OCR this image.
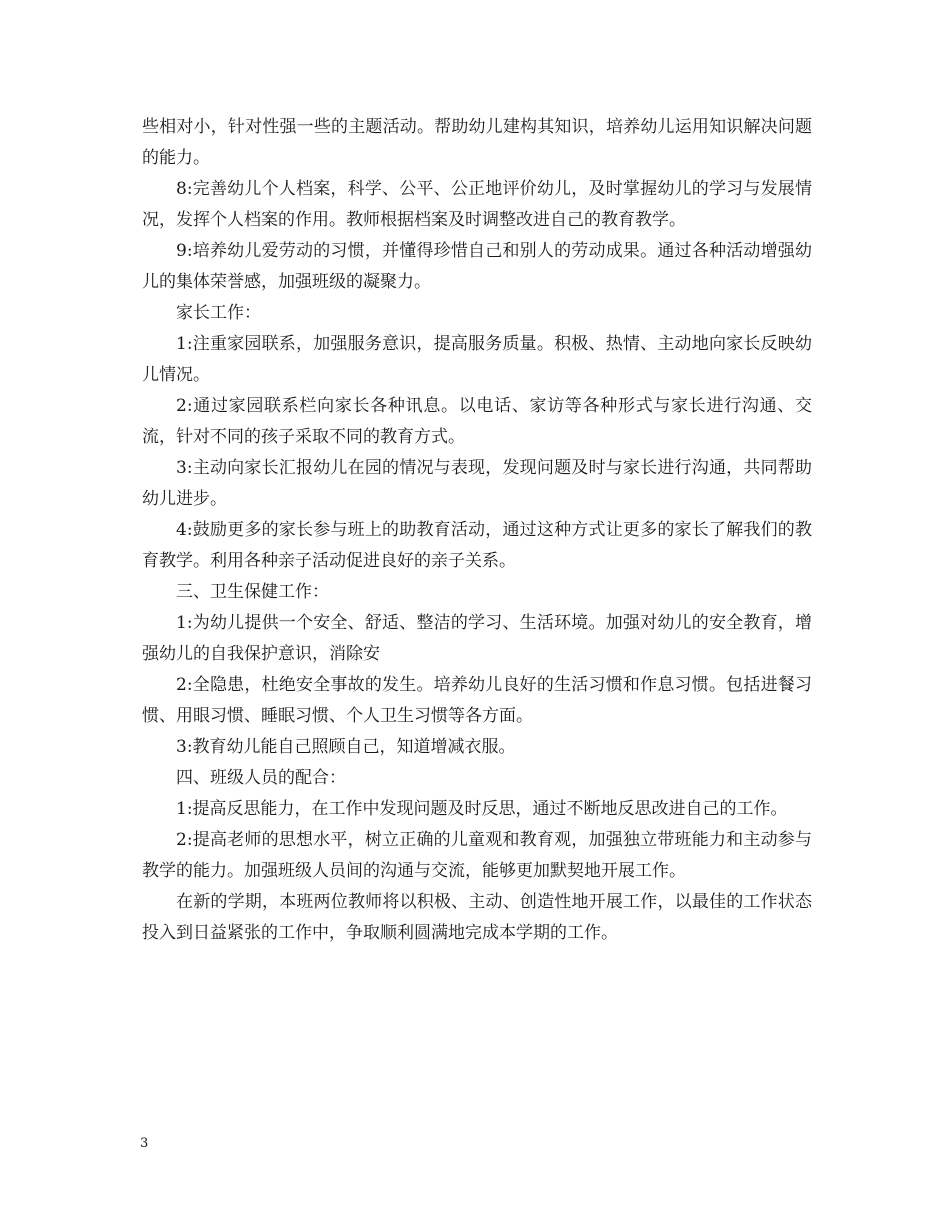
些相对小，针对性强一些的主题活动。帮助幼儿建构其知识，培养幼儿运用知识解决问题的能力。

8:完善幼儿个人档案，科学、公平、公正地评价幼儿，及时掌握幼儿的学习与发展情况，发挥个人档案的作用。教师根据档案及时调整改进自己的教育教学。

9:培养幼儿爱劳动的习惯，并懂得珍惜自己和别人的劳动成果。通过各种活动增强幼儿的集体荣誉感，加强班级的凝聚力。

家长工作：

1:注重家园联系，加强服务意识，提高服务质量。积极、热情、主动地向家长反映幼儿情况。

2:通过家园联系栏向家长各种讯息。以电话、家访等各种形式与家长进行沟通、交流，针对不同的孩子采取不同的教育方式。

3:主动向家长汇报幼儿在园的情况与表现，发现问题及时与家长进行沟通，共同帮助幼儿进步。

4:鼓励更多的家长参与班上的助教育活动，通过这种方式让更多的家长了解我们的教育教学。利用各种亲子活动促进良好的亲子关系。

三、卫生保健工作：

1:为幼儿提供一个安全、舒适、整洁的学习、生活环境。加强对幼儿的安全教育，增强幼儿的自我保护意识，消除安

2:全隐患，杜绝安全事故的发生。培养幼儿良好的生活习惯和作息习惯。包括进餐习惯、用眼习惯、睡眠习惯、个人卫生习惯等各方面。

3:教育幼儿能自己照顾自己，知道增减衣服。

四、班级人员的配合：

1:提高反思能力，在工作中发现问题及时反思，通过不断地反思改进自己的工作。

2:提高老师的思想水平，树立正确的儿童观和教育观，加强独立带班能力和主动参与教学的能力。加强班级人员间的沟通与交流，能够更加默契地开展工作。

在新的学期，本班两位教师将以积极、主动、创造性地开展工作，以最佳的工作状态投入到日益紧张的工作中，争取顺利圆满地完成本学期的工作。

3
